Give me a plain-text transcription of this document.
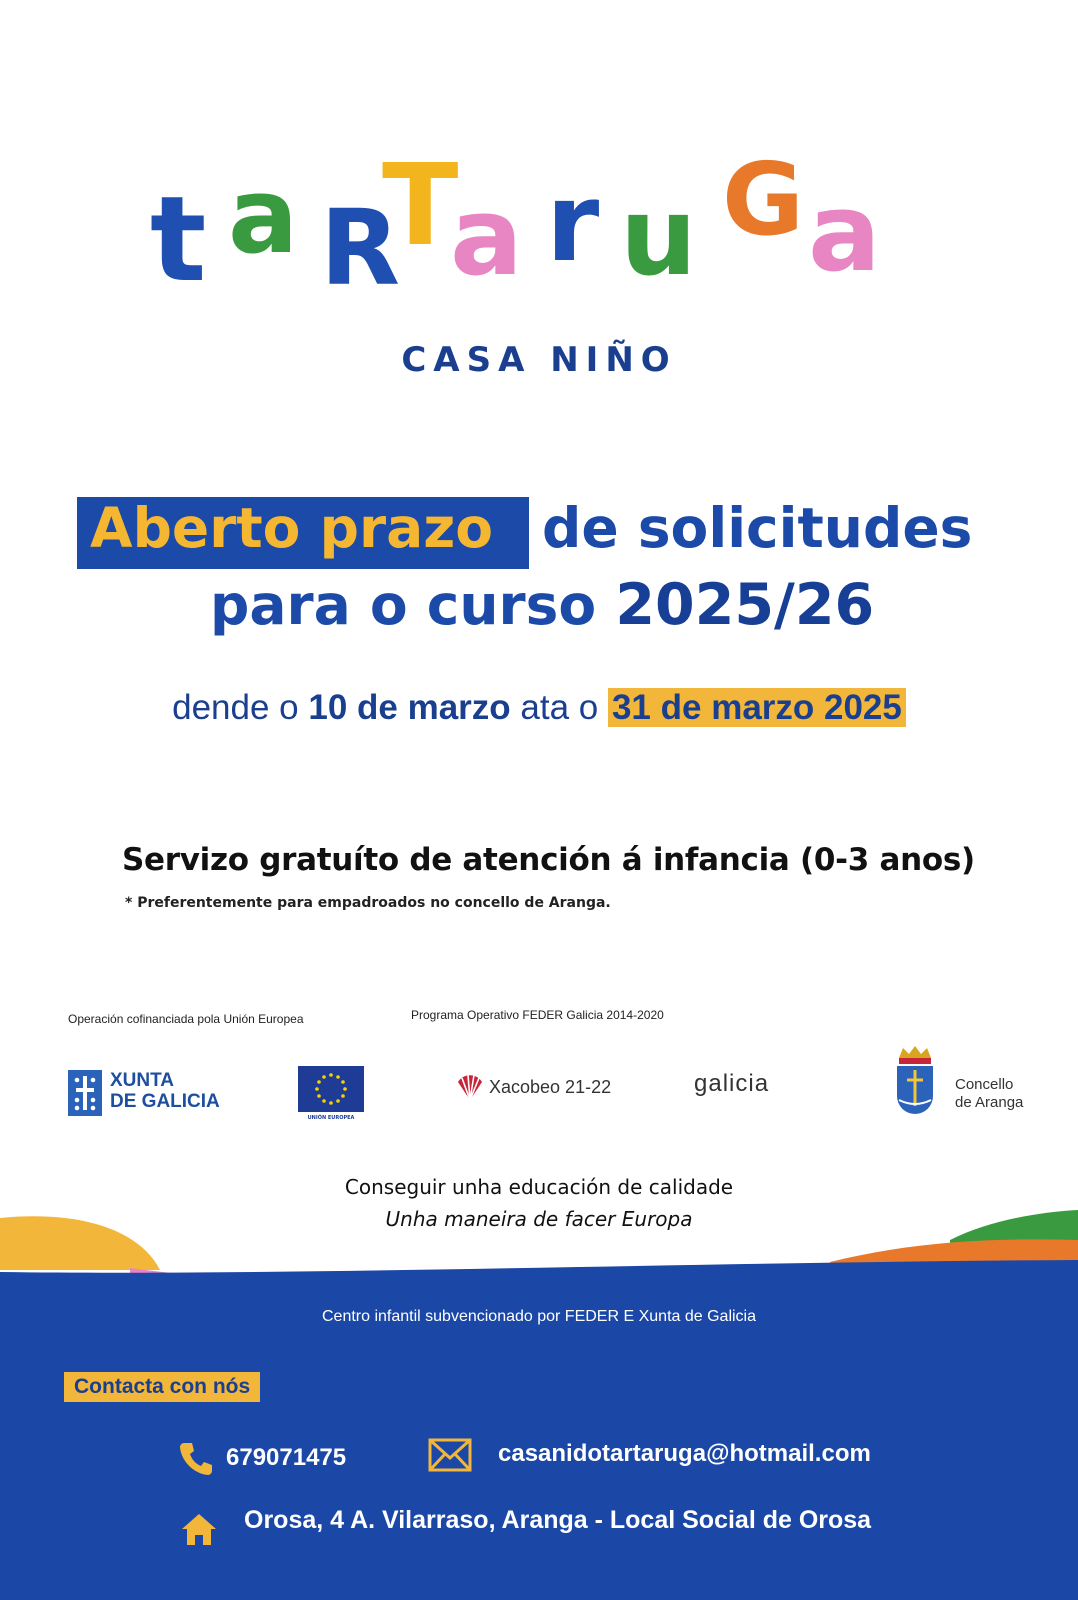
t a R
T
a r u G a
CASA NIÑO
Aberto prazo de solicitudes
para o curso 2025/26
dende o 10 de marzo ata o 31 de marzo 2025
Servizo gratuíto de atención á infancia (0-3 anos)
* Preferentemente para empadroados no concello de Aranga.
Operación cofinanciada pola Unión Europea	Programa Operativo FEDER Galicia 2014-2020
XUNTA
DE GALICIA
UNIÓN EUROPEA
Xacobeo 21-22	galicia	Concello
de Aranga
Conseguir unha educación de calidade
Unha maneira de facer Europa
Centro infantil subvencionado por FEDER E Xunta de Galicia
Contacta con nós
679071475	casanidotartaruga@hotmail.com
Orosa, 4 A. Vilarraso, Aranga - Local Social de Orosa
